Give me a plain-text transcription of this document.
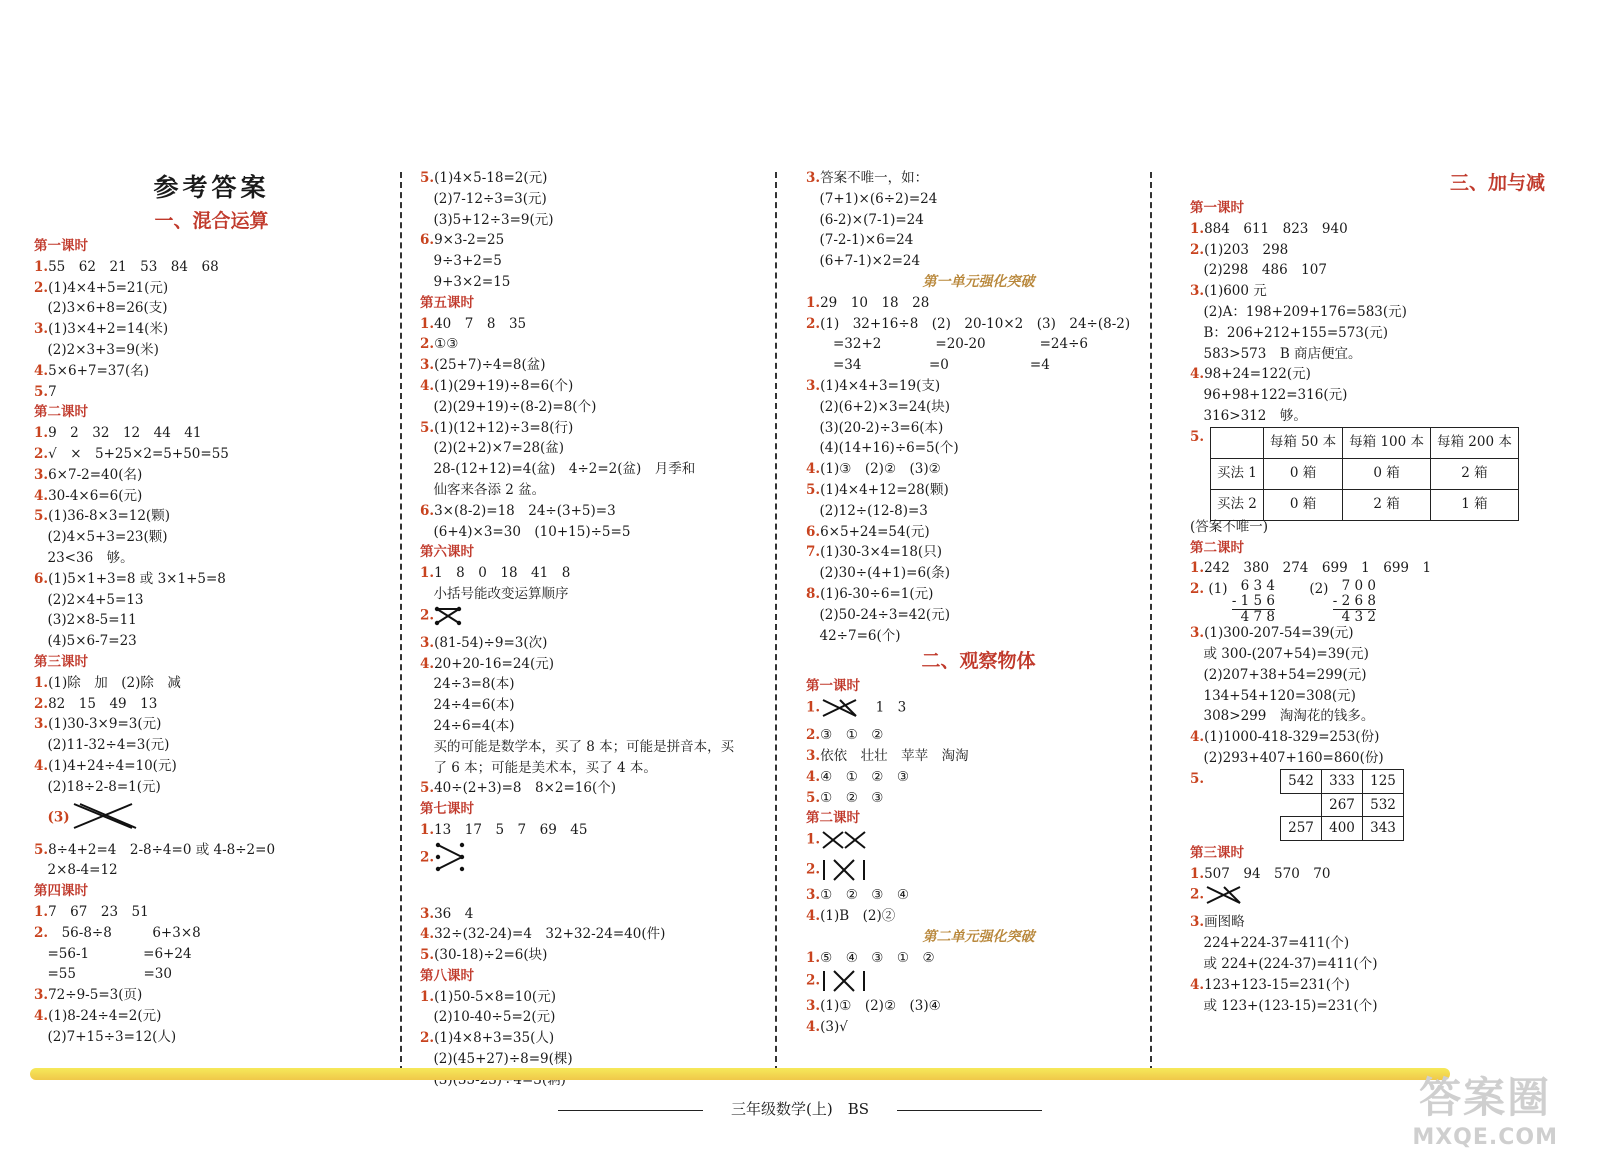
参考答案
一、混合运算
第一课时
1.55　62　21　53　84　68
2.(1)4×4+5=21(元)
　(2)3×6+8=26(支)
3.(1)3×4+2=14(米)
　(2)2×3+3=9(米)
4.5×6+7=37(名)
5.7
第二课时
1.9　2　32　12　44　41
2.√　×　5+25×2=5+50=55
3.6×7-2=40(名)
4.30-4×6=6(元)
5.(1)36-8×3=12(颗)
　(2)4×5+3=23(颗)
　23<36　够。
6.(1)5×1+3=8 或 3×1+5=8
　(2)2×4+5=13
　(3)2×8-5=11
　(4)5×6-7=23
第三课时
1.(1)除　加　(2)除　减
2.82　15　49　13
3.(1)30-3×9=3(元)
　(2)11-32÷4=3(元)
4.(1)4+24÷4=10(元)
　(2)18÷2-8=1(元)
　(3)
5.8÷4+2=4　2-8÷4=0 或 4-8÷2=0
　2×8-4=12
第四课时
1.7　67　23　51
2.　56-8÷8　　　6+3×8
　=56-1　　　　=6+24
　=55　　　　　=30
3.72÷9-5=3(页)
4.(1)8-24÷4=2(元)
　(2)7+15÷3=12(人)
5.(1)4×5-18=2(元)
　(2)7-12÷3=3(元)
　(3)5+12÷3=9(元)
6.9×3-2=25
　9÷3+2=5
　9+3×2=15
第五课时
1.40　7　8　35
2.①③
3.(25+7)÷4=8(盆)
4.(1)(29+19)÷8=6(个)
　(2)(29+19)÷(8-2)=8(个)
5.(1)(12+12)÷3=8(行)
　(2)(2+2)×7=28(盆)
　28-(12+12)=4(盆)　4÷2=2(盆)　月季和
　仙客来各添 2 盆。
6.3×(8-2)=18　24÷(3+5)=3
　(6+4)×3=30　(10+15)÷5=5
第六课时
1.1　8　0　18　41　8
　小括号能改变运算顺序
2.
3.(81-54)÷9=3(次)
4.20+20-16=24(元)
　24÷3=8(本)
　24÷4=6(本)
　24÷6=4(本)
　买的可能是数学本，买了 8 本；可能是拼音本，买
　了 6 本；可能是美术本，买了 4 本。
5.40÷(2+3)=8　8×2=16(个)
第七课时
1.13　17　5　7　69　45
2.
3.36　4
4.32÷(32-24)=4　32+32-24=40(件)
5.(30-18)÷2=6(块)
第八课时
1.(1)50-5×8=10(元)
　(2)10-40÷5=2(元)
2.(1)4×8+3=35(人)
　(2)(45+27)÷8=9(棵)
3.答案不唯一，如：
　(7+1)×(6÷2)=24
　(6-2)×(7-1)=24
　(7-2-1)×6=24
　(6+7-1)×2=24
第一单元强化突破
1.29　10　18　28
2.(1)　32+16÷8　(2)　20-10×2　(3)　24÷(8-2)
　　=32+2　　　　=20-20　　　　=24÷6
　　=34　　　　　=0　　　　　　=4
3.(1)4×4+3=19(支)
　(2)(6+2)×3=24(块)
　(3)(20-2)÷3=6(本)
　(4)(14+16)÷6=5(个)
4.(1)③　(2)②　(3)②
5.(1)4×4+12=28(颗)
　(2)12÷(12-8)=3
6.6×5+24=54(元)
7.(1)30-3×4=18(只)
　(2)30÷(4+1)=6(条)
8.(1)6-30÷6=1(元)
　(2)50-24÷3=42(元)
　42÷7=6(个)
二、观察物体
第一课时
1.	　1　3
2.③　①　②
3.依依　壮壮　苹苹　淘淘
4.④　①　②　③
5.①　②　③
第二课时
1.
2.
3.①　②　③　④
4.(1)B　(2)②
第二单元强化突破
1.⑤　④　③　①　②
2.
3.(1)①　(2)②　(3)④
4.(3)√
三、加与减
第一课时
1.884　611　823　940
2.(1)203　298
　(2)298　486　107
3.(1)600 元
　(2)A：198+209+176=583(元)
　B：206+212+155=573(元)
　583>573　B 商店便宜。
4.98+24=122(元)
　96+98+122=316(元)
　316>312　够。
5.
		每箱 50 本	每箱 100 本	每箱 200 本
买法 1	0 箱	0 箱	2 箱
买法 2	0 箱	2 箱	1 箱
(答案不唯一)
第二课时
1.242　380　274　699　1　699　1
2. (1) 6 3 4
- 1 5 6
4 7 8
(2) 7 0 0
- 2 6 8
4 3 2
3.(1)300-207-54=39(元)
　或 300-(207+54)=39(元)
　(2)207+38+54=299(元)
　134+54+120=308(元)
　308>299　淘淘花的钱多。
4.(1)1000-418-329=253(份)
　(2)293+407+160=860(份)
5.	542	333	125
	267	532
257	400	343
第三课时
1.507　94　570　70
2.
3.画图略
　224+224-37=411(个)
　或 224+(224-37)=411(个)
4.123+123-15=231(个)
　或 123+(123-15)=231(个)
三年级数学(上)　BS	答案圈
MXQE.COM
